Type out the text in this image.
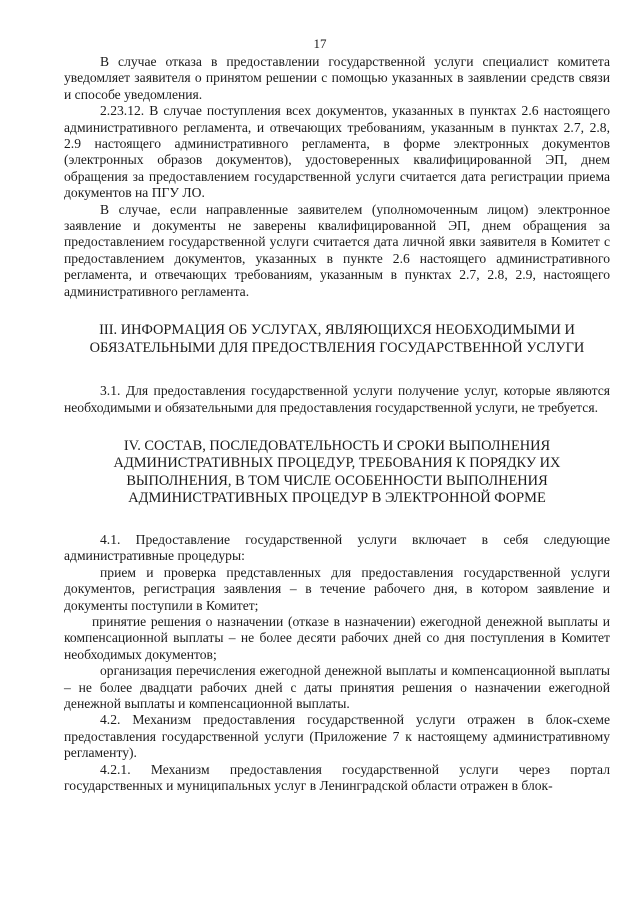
17

В случае отказа в предоставлении государственной услуги специалист комитета уведомляет заявителя о принятом решении с помощью указанных в заявлении средств связи и способе уведомления.

2.23.12. В случае поступления всех документов, указанных в пунктах 2.6 настоящего административного регламента, и отвечающих требованиям, указанным в пунктах 2.7, 2.8, 2.9 настоящего административного регламента, в форме электронных документов (электронных образов документов), удостоверенных квалифицированной ЭП, днем обращения за предоставлением государственной услуги считается дата регистрации приема документов на ПГУ ЛО.

В случае, если направленные заявителем (уполномоченным лицом) электронное заявление и документы не заверены квалифицированной ЭП, днем обращения за предоставлением государственной услуги считается дата личной явки заявителя в Комитет с предоставлением документов, указанных в пункте 2.6 настоящего административного регламента, и отвечающих требованиям, указанным в пунктах 2.7, 2.8, 2.9, настоящего административного регламента.

III. ИНФОРМАЦИЯ ОБ УСЛУГАХ, ЯВЛЯЮЩИХСЯ НЕОБХОДИМЫМИ И ОБЯЗАТЕЛЬНЫМИ ДЛЯ ПРЕДОСТВЛЕНИЯ ГОСУДАРСТВЕННОЙ УСЛУГИ

3.1. Для предоставления государственной услуги получение услуг, которые являются необходимыми и обязательными для предоставления государственной услуги, не требуется.

IV. СОСТАВ, ПОСЛЕДОВАТЕЛЬНОСТЬ И СРОКИ ВЫПОЛНЕНИЯ АДМИНИСТРАТИВНЫХ ПРОЦЕДУР, ТРЕБОВАНИЯ К ПОРЯДКУ ИХ ВЫПОЛНЕНИЯ, В ТОМ ЧИСЛЕ ОСОБЕННОСТИ ВЫПОЛНЕНИЯ АДМИНИСТРАТИВНЫХ ПРОЦЕДУР В ЭЛЕКТРОННОЙ ФОРМЕ

4.1. Предоставление государственной услуги включает в себя следующие административные процедуры:

прием и проверка представленных для предоставления государственной услуги документов, регистрация заявления – в течение рабочего дня, в котором заявление и документы поступили в Комитет;

принятие решения о назначении (отказе в назначении) ежегодной денежной выплаты и компенсационной выплаты – не более десяти рабочих дней со дня поступления в Комитет необходимых документов;

организация перечисления ежегодной денежной выплаты и компенсационной выплаты – не более двадцати рабочих дней с даты принятия решения о назначении ежегодной денежной выплаты и компенсационной выплаты.

4.2. Механизм предоставления государственной услуги отражен в блок-схеме предоставления государственной услуги (Приложение 7 к настоящему административному регламенту).

4.2.1. Механизм предоставления государственной услуги через портал государственных и муниципальных услуг в Ленинградской области отражен в блок-
